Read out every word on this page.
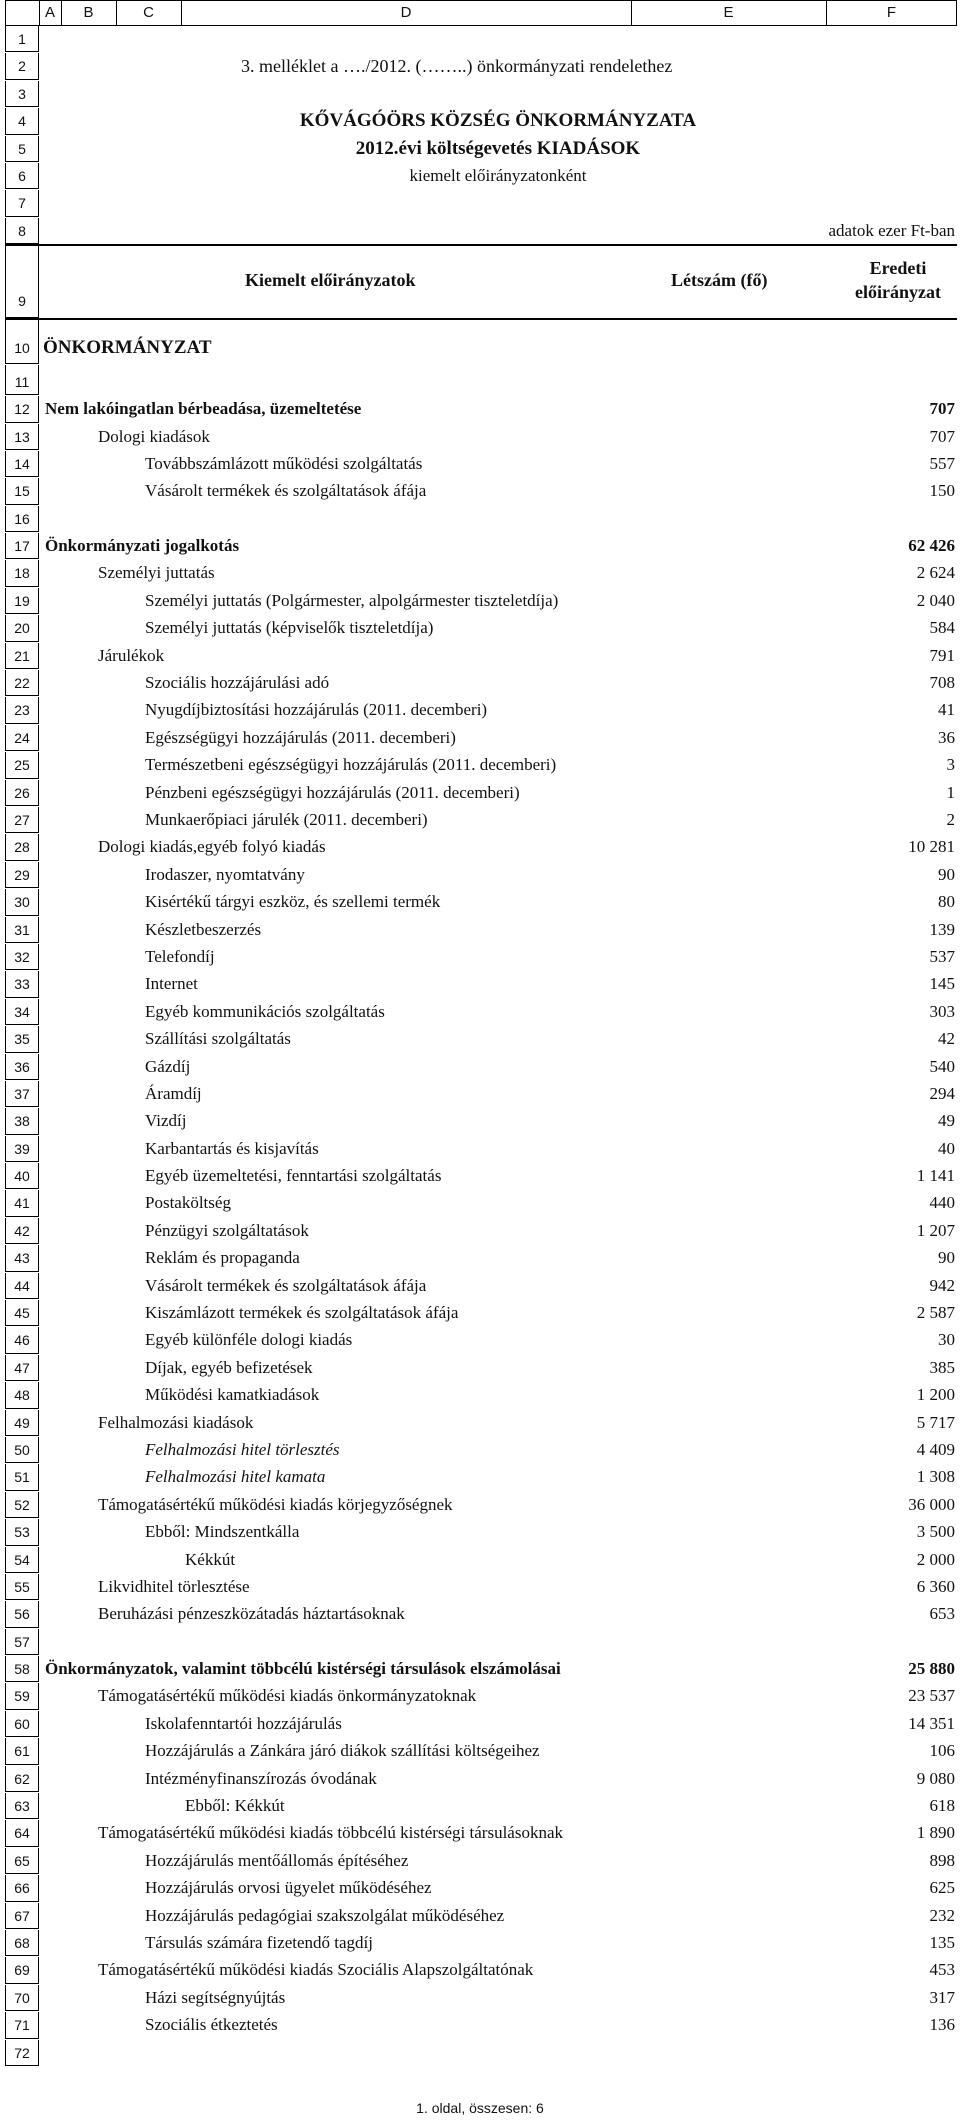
A	B	C	D	E	F
1
2	3. melléklet a …./2012. (……..) önkormányzati rendelethez
3
4	KŐVÁGÓÖRS KÖZSÉG ÖNKORMÁNYZATA
5	2012.évi költségevetés KIADÁSOK
6	kiemelt előirányzatonként
7
8	adatok ezer Ft-ban
9
Kiemelt előirányzatok	Létszám (fő)
Eredeti
előirányzat
10 ÖNKORMÁNYZAT
11
12 Nem lakóingatlan bérbeadása, üzemeltetése	707
13	Dologi kiadások	707
14	Továbbszámlázott működési szolgáltatás	557
15	Vásárolt termékek és szolgáltatások áfája	150
16
17 Önkormányzati jogalkotás	62 426
18	Személyi juttatás	2 624
19	Személyi juttatás (Polgármester, alpolgármester tiszteletdíja)	2 040
20	Személyi juttatás (képviselők tiszteletdíja)	584
21	Járulékok	791
22	Szociális hozzájárulási adó	708
23	Nyugdíjbiztosítási hozzájárulás (2011. decemberi)	41
24	Egészségügyi hozzájárulás (2011. decemberi)	36
25	Természetbeni egészségügyi hozzájárulás (2011. decemberi)	3
26	Pénzbeni egészségügyi hozzájárulás (2011. decemberi)	1
27	Munkaerőpiaci járulék (2011. decemberi)	2
28	Dologi kiadás,egyéb folyó kiadás	10 281
29	Irodaszer, nyomtatvány	90
30	Kisértékű tárgyi eszköz, és szellemi termék	80
31	Készletbeszerzés	139
32	Telefondíj	537
33	Internet	145
34	Egyéb kommunikációs szolgáltatás	303
35	Szállítási szolgáltatás	42
36	Gázdíj	540
37	Áramdíj	294
38	Vizdíj	49
39	Karbantartás és kisjavítás	40
40	Egyéb üzemeltetési, fenntartási szolgáltatás	1 141
41	Postaköltség	440
42	Pénzügyi szolgáltatások	1 207
43	Reklám és propaganda	90
44	Vásárolt termékek és szolgáltatások áfája	942
45	Kiszámlázott termékek és szolgáltatások áfája	2 587
46	Egyéb különféle dologi kiadás	30
47	Díjak, egyéb befizetések	385
48	Működési kamatkiadások	1 200
49	Felhalmozási kiadások	5 717
50	Felhalmozási hitel törlesztés	4 409
51	Felhalmozási hitel kamata	1 308
52	Támogatásértékű működési kiadás körjegyzőségnek	36 000
53	Ebből: Mindszentkálla	3 500
54	Kékkút	2 000
55	Likvidhitel törlesztése	6 360
56	Beruházási pénzeszközátadás háztartásoknak	653
57
58 Önkormányzatok, valamint többcélú kistérségi társulások elszámolásai	25 880
59	Támogatásértékű működési kiadás önkormányzatoknak	23 537
60	Iskolafenntartói hozzájárulás	14 351
61	Hozzájárulás a Zánkára járó diákok szállítási költségeihez	106
62	Intézményfinanszírozás óvodának	9 080
63	Ebből: Kékkút	618
64	Támogatásértékű működési kiadás többcélú kistérségi társulásoknak	1 890
65	Hozzájárulás mentőállomás építéséhez	898
66	Hozzájárulás orvosi ügyelet működéséhez	625
67	Hozzájárulás pedagógiai szakszolgálat működéséhez	232
68	Társulás számára fizetendő tagdíj	135
69	Támogatásértékű működési kiadás Szociális Alapszolgáltatónak	453
70	Házi segítségnyújtás	317
71	Szociális étkeztetés	136
72
1. oldal, összesen: 6
